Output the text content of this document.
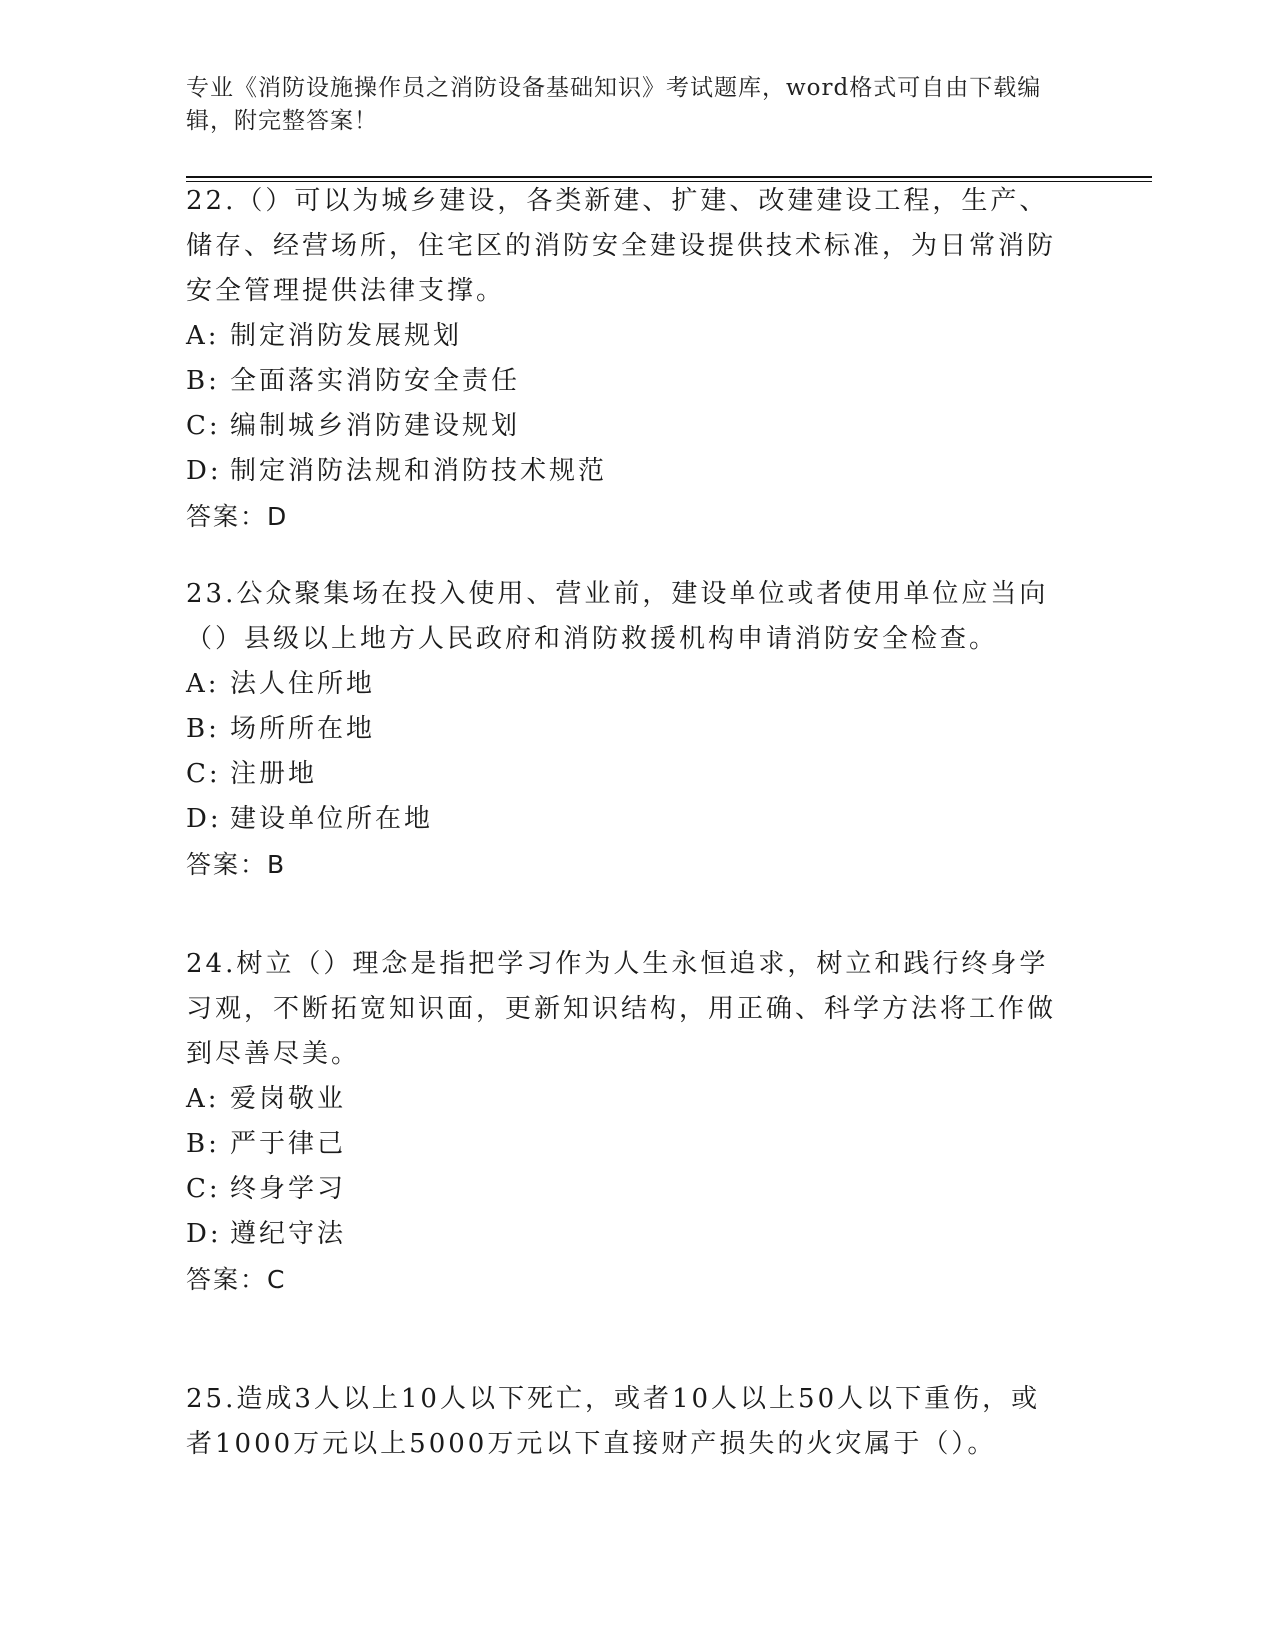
专业《消防设施操作员之消防设备基础知识》考试题库，word格式可自由下载编辑，附完整答案！

22.（）可以为城乡建设，各类新建、扩建、改建建设工程，生产、储存、经营场所，住宅区的消防安全建设提供技术标准，为日常消防安全管理提供法律支撑。

A: 制定消防发展规划

B: 全面落实消防安全责任

C: 编制城乡消防建设规划

D: 制定消防法规和消防技术规范

答案：D

23.公众聚集场在投入使用、营业前，建设单位或者使用单位应当向（）县级以上地方人民政府和消防救援机构申请消防安全检查。

A: 法人住所地

B: 场所所在地

C: 注册地

D: 建设单位所在地

答案：B

24.树立（）理念是指把学习作为人生永恒追求，树立和践行终身学习观，不断拓宽知识面，更新知识结构，用正确、科学方法将工作做到尽善尽美。

A: 爱岗敬业

B: 严于律己

C: 终身学习

D: 遵纪守法

答案：C

25.造成3人以上10人以下死亡，或者10人以上50人以下重伤，或者1000万元以上5000万元以下直接财产损失的火灾属于（）。
